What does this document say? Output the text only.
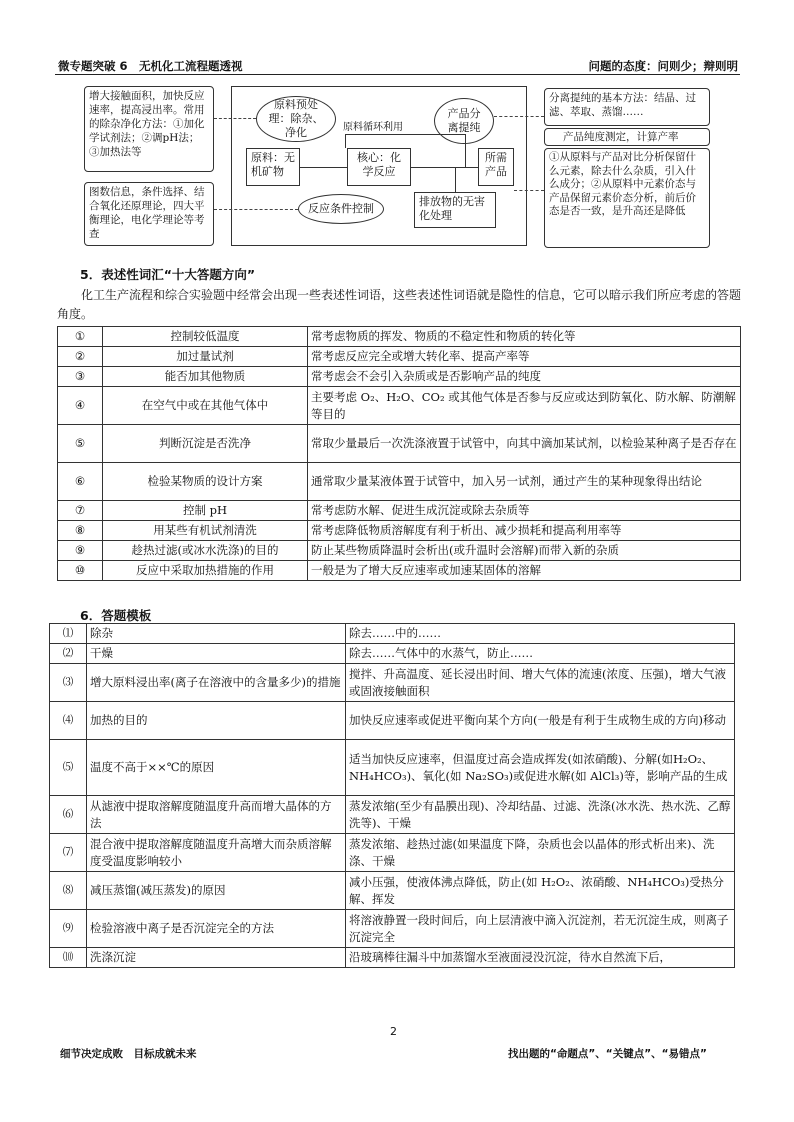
微专题突破 6　无机化工流程题透视	问题的态度：问则少；辩则明
增大接触面积，加快反应速率，提高浸出率。常用的除杂净化方法：①加化学试剂法；②调pH法；③加热法等
图数信息，条件选择、结合氧化还原理论，四大平衡理论，电化学理论等考查
原料预处理：除杂、净化	原料循环利用
产品分离提纯
原料：无机矿物
核心：化学反应
所需产品
排放物的无害化处理
反应条件控制
分离提纯的基本方法：结晶、过滤、萃取、蒸馏……
产品纯度测定，计算产率
①从原料与产品对比分析保留什么元素，除去什么杂质，引入什么成分；②从原料中元素价态与产品保留元素价态分析，前后价态是否一致，是升高还是降低
5．表述性词汇“十大答题方向”
化工生产流程和综合实验题中经常会出现一些表述性词语，这些表述性词语就是隐性的信息，它可以暗示我们所应考虑的答题角度。
①	控制较低温度	常考虑物质的挥发、物质的不稳定性和物质的转化等
②	加过量试剂	常考虑反应完全或增大转化率、提高产率等
③	能否加其他物质	常考虑会不会引入杂质或是否影响产品的纯度
④	在空气中或在其他气体中	主要考虑 O₂、H₂O、CO₂ 或其他气体是否参与反应或达到防氧化、防水解、防潮解等目的
⑤	判断沉淀是否洗净	常取少量最后一次洗涤液置于试管中，向其中滴加某试剂，以检验某种离子是否存在
⑥	检验某物质的设计方案	通常取少量某液体置于试管中，加入另一试剂，通过产生的某种现象得出结论
⑦	控制 pH	常考虑防水解、促进生成沉淀或除去杂质等
⑧	用某些有机试剂清洗	常考虑降低物质溶解度有利于析出、减少损耗和提高利用率等
⑨	趁热过滤(或冰水洗涤)的目的	防止某些物质降温时会析出(或升温时会溶解)而带入新的杂质
⑩	反应中采取加热措施的作用	一般是为了增大反应速率或加速某固体的溶解
6．答题模板
⑴	除杂	除去……中的……
⑵	干燥	除去……气体中的水蒸气，防止……
⑶	增大原料浸出率(离子在溶液中的含量多少)的措施	搅拌、升高温度、延长浸出时间、增大气体的流速(浓度、压强)，增大气液或固液接触面积
⑷	加热的目的	加快反应速率或促进平衡向某个方向(一般是有利于生成物生成的方向)移动
⑸	温度不高于××℃的原因	适当加快反应速率，但温度过高会造成挥发(如浓硝酸)、分解(如H₂O₂、NH₄HCO₃)、氧化(如 Na₂SO₃)或促进水解(如 AlCl₃)等，影响产品的生成
⑹	从滤液中提取溶解度随温度升高而增大晶体的方法	蒸发浓缩(至少有晶膜出现)、冷却结晶、过滤、洗涤(冰水洗、热水洗、乙醇洗等)、干燥
⑺	混合液中提取溶解度随温度升高增大而杂质溶解度受温度影响较小	蒸发浓缩、趁热过滤(如果温度下降，杂质也会以晶体的形式析出来)、洗涤、干燥
⑻	减压蒸馏(减压蒸发)的原因	减小压强，使液体沸点降低，防止(如 H₂O₂、浓硝酸、NH₄HCO₃)受热分解、挥发
⑼	检验溶液中离子是否沉淀完全的方法	将溶液静置一段时间后，向上层清液中滴入沉淀剂，若无沉淀生成，则离子沉淀完全
⑽	洗涤沉淀	沿玻璃棒往漏斗中加蒸馏水至液面浸没沉淀，待水自然流下后，
2
细节决定成败　目标成就未来	找出题的“命题点”、“关键点”、“易错点”
